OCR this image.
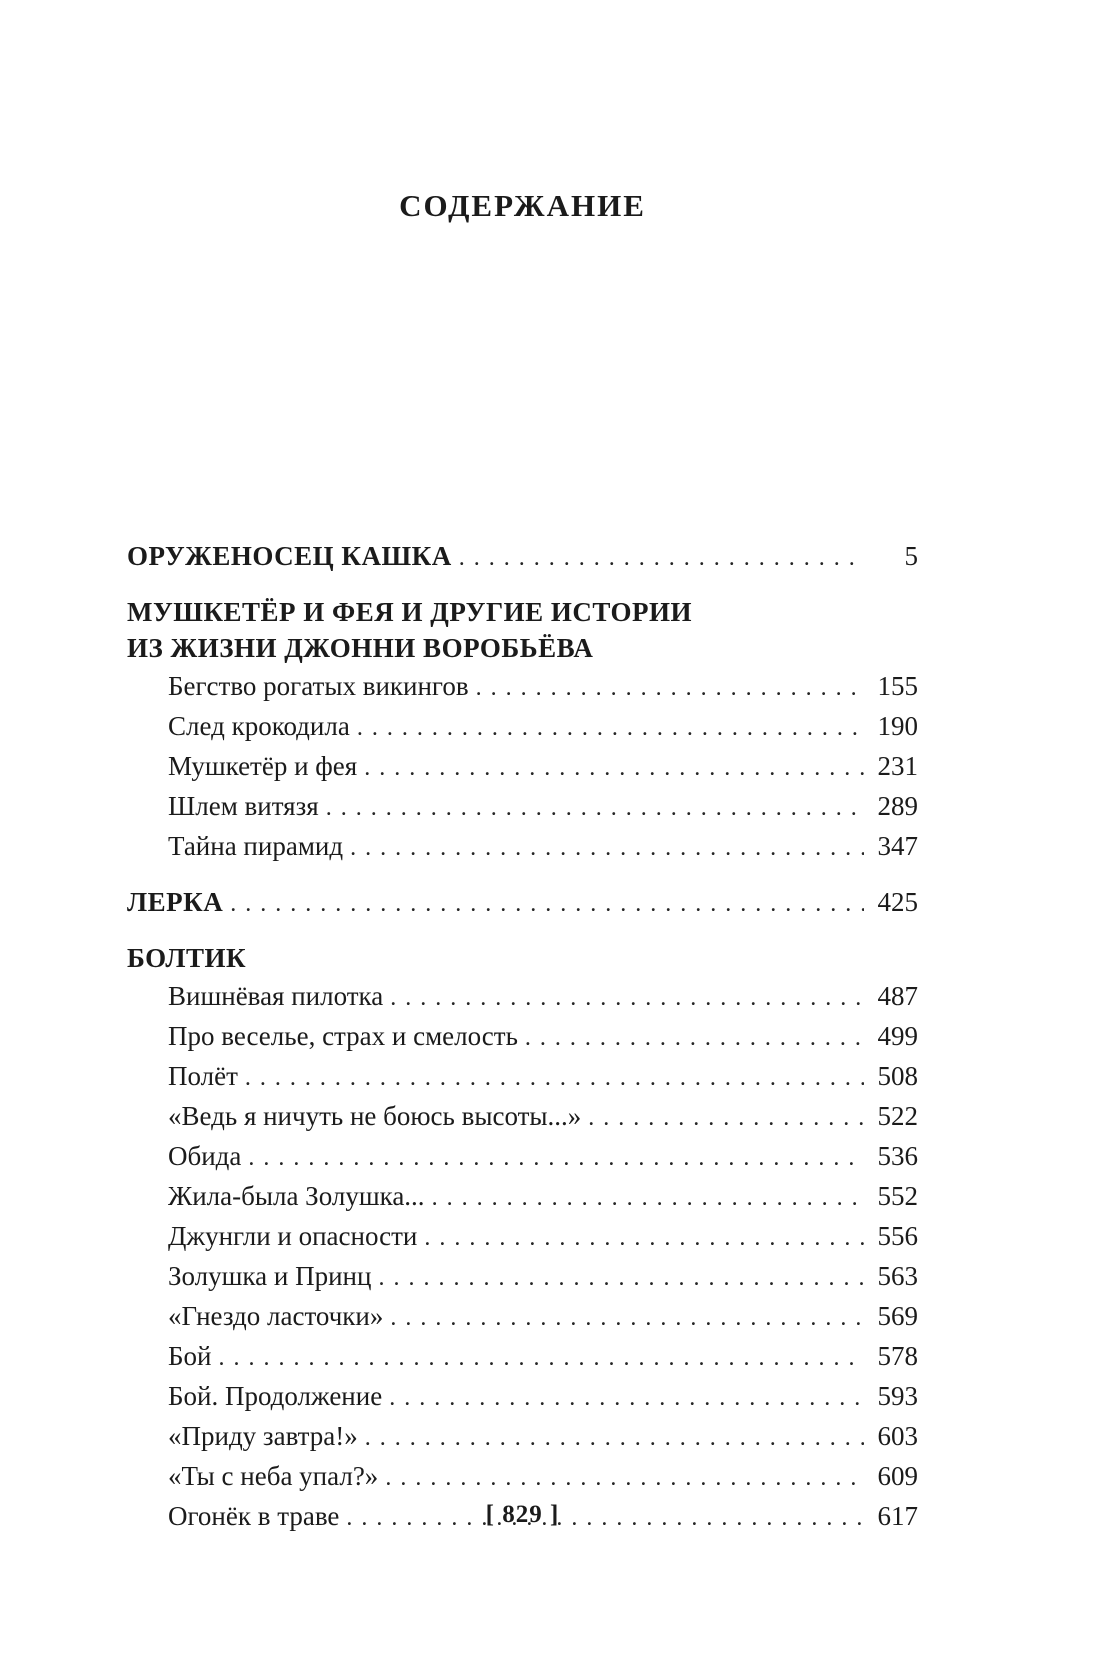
СОДЕРЖАНИЕ
ОРУЖЕНОСЕЦ КАШКА . . .	5
МУШКЕТЁР И ФЕЯ И ДРУГИЕ ИСТОРИИ
ИЗ ЖИЗНИ ДЖОННИ ВОРОБЬЁВА
Бегство рогатых викингов . . .	155
След крокодила . . .	190
Мушкетёр и фея . . .	231
Шлем витязя . . .	289
Тайна пирамид . . .	347
ЛЕРКА . . .	425
БОЛТИК
Вишнёвая пилотка . . .	487
Про веселье, страх и смелость . . .	499
Полёт . . .	508
«Ведь я ничуть не боюсь высоты...» . . .	522
Обида . . .	536
Жила-была Золушка... . . .	552
Джунгли и опасности . . .	556
Золушка и Принц . . .	563
«Гнездо ласточки» . . .	569
Бой . . .	578
Бой. Продолжение . . .	593
«Приду завтра!» . . .	603
«Ты с неба упал?» . . .	609
Огонёк в траве . . .	617
[ 829 ]
